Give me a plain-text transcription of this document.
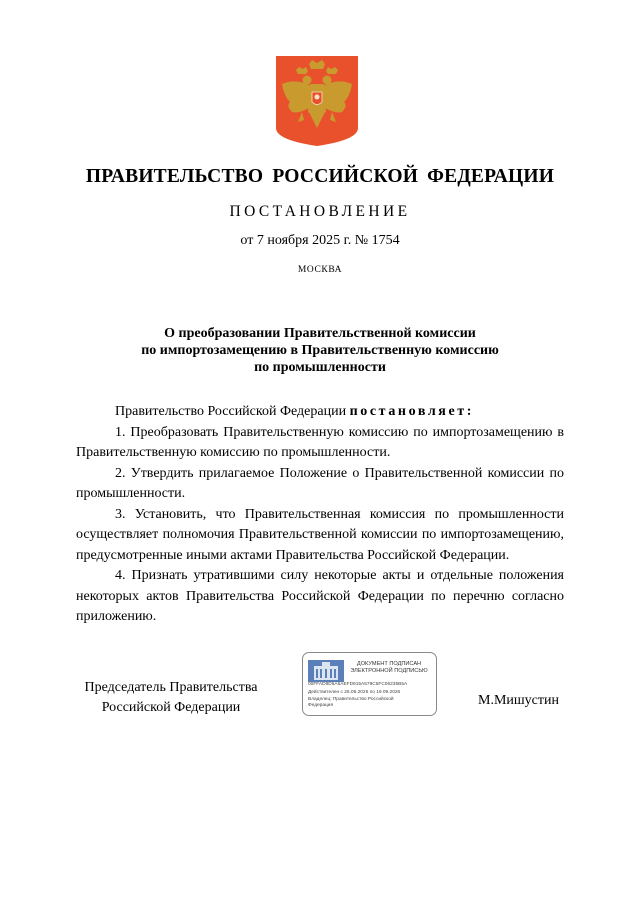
ПРАВИТЕЛЬСТВО РОССИЙСКОЙ ФЕДЕРАЦИИ
ПОСТАНОВЛЕНИЕ
от 7 ноября 2025 г. № 1754
МОСКВА
О преобразовании Правительственной комиссии
по импортозамещению в Правительственную комиссию
по промышленности

Правительство Российской Федерации постановляет:

1. Преобразовать Правительственную комиссию по импортозамещению в Правительственную комиссию по промышленности.

2. Утвердить прилагаемое Положение о Правительственной комиссии по промышленности.

3. Установить, что Правительственная комиссия по промышленности осуществляет полномочия Правительственной комиссии по импортозамещению, предусмотренные иными актами Правительства Российской Федерации.

4. Признать утратившими силу некоторые акты и отдельные положения некоторых актов Правительства Российской Федерации по перечню согласно приложению.

Председатель Правительства
Российской Федерации
ДОКУМЕНТ ПОДПИСАН
ЭЛЕКТРОННОЙ ПОДПИСЬЮ
00FFAD9D6A5AEFD915A579C5FC06235B5A
Действителен с 26.06.2025 по 19.09.2026
Владелец: Правительство Российской
Федерация	М.Мишустин
